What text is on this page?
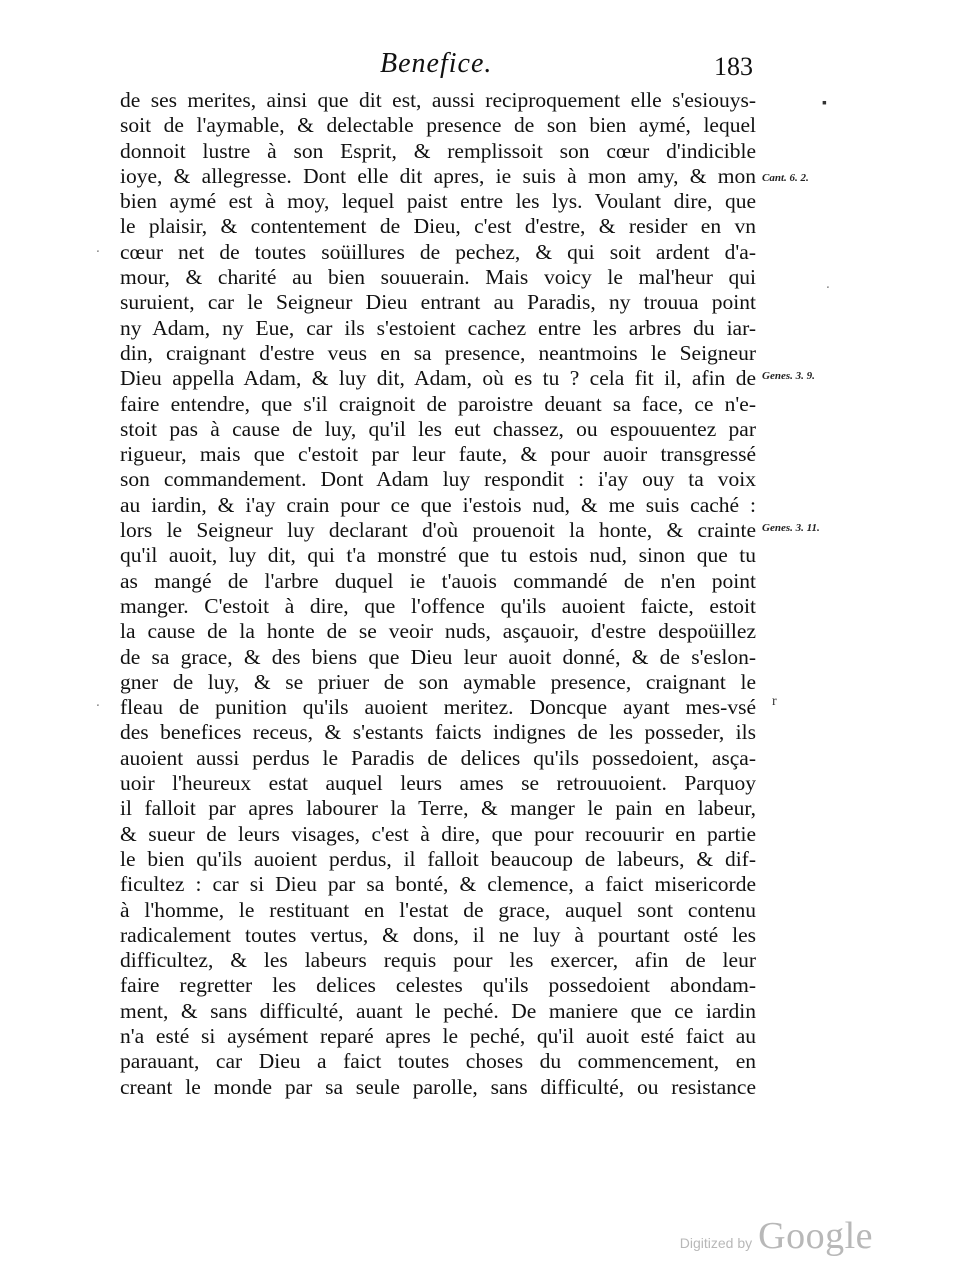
Benefice.	183
de ses merites, ainsi que dit est, aussi reciproquement elle s'esiouys-
soit de l'aymable, & delectable presence de son bien aymé, lequel
donnoit lustre à son Esprit, & remplissoit son cœur d'indicible
ioye, & allegresse. Dont elle dit apres, ie suis à mon amy, & mon
bien aymé est à moy, lequel paist entre les lys. Voulant dire, que
le plaisir, & contentement de Dieu, c'est d'estre, & resider en vn
cœur net de toutes soüillures de pechez, & qui soit ardent d'a-
mour, & charité au bien souuerain. Mais voicy le mal'heur qui
suruient, car le Seigneur Dieu entrant au Paradis, ny trouua point
ny Adam, ny Eue, car ils s'estoient cachez entre les arbres du iar-
din, craignant d'estre veus en sa presence, neantmoins le Seigneur
Dieu appella Adam, & luy dit, Adam, où es tu ? cela fit il, afin de
faire entendre, que s'il craignoit de paroistre deuant sa face, ce n'e-
stoit pas à cause de luy, qu'il les eut chassez, ou espouuentez par
rigueur, mais que c'estoit par leur faute, & pour auoir transgressé
son commandement. Dont Adam luy respondit : i'ay ouy ta voix
au iardin, & i'ay crain pour ce que i'estois nud, & me suis caché :
lors le Seigneur luy declarant d'où prouenoit la honte, & crainte
qu'il auoit, luy dit, qui t'a monstré que tu estois nud, sinon que tu
as mangé de l'arbre duquel ie t'auois commandé de n'en point
manger. C'estoit à dire, que l'offence qu'ils auoient faicte, estoit
la cause de la honte de se veoir nuds, asçauoir, d'estre despoüillez
de sa grace, & des biens que Dieu leur auoit donné, & de s'eslon-
gner de luy, & se priuer de son aymable presence, craignant le
fleau de punition qu'ils auoient meritez. Doncque ayant mes-vsé
des benefices receus, & s'estants faicts indignes de les posseder, ils
auoient aussi perdus le Paradis de delices qu'ils possedoient, asça-
uoir l'heureux estat auquel leurs ames se retrouuoient. Parquoy
il falloit par apres labourer la Terre, & manger le pain en labeur,
& sueur de leurs visages, c'est à dire, que pour recouurir en partie
le bien qu'ils auoient perdus, il falloit beaucoup de labeurs, & dif-
ficultez : car si Dieu par sa bonté, & clemence, a faict misericorde
à l'homme, le restituant en l'estat de grace, auquel sont contenu
radicalement toutes vertus, & dons, il ne luy à pourtant osté les
difficultez, & les labeurs requis pour les exercer, afin de leur
faire regretter les delices celestes qu'ils possedoient abondam-
ment, & sans difficulté, auant le peché. De maniere que ce iardin
n'a esté si aysément reparé apres le peché, qu'il auoit esté faict au
parauant, car Dieu a faict toutes choses du commencement, en
creant le monde par sa seule parolle, sans difficulté, ou resistance
Cant. 6. 2.
Genes. 3. 9.
Genes. 3. 11.
▪
ˑ
ˑ
ˑ	r
Digitized by Google
